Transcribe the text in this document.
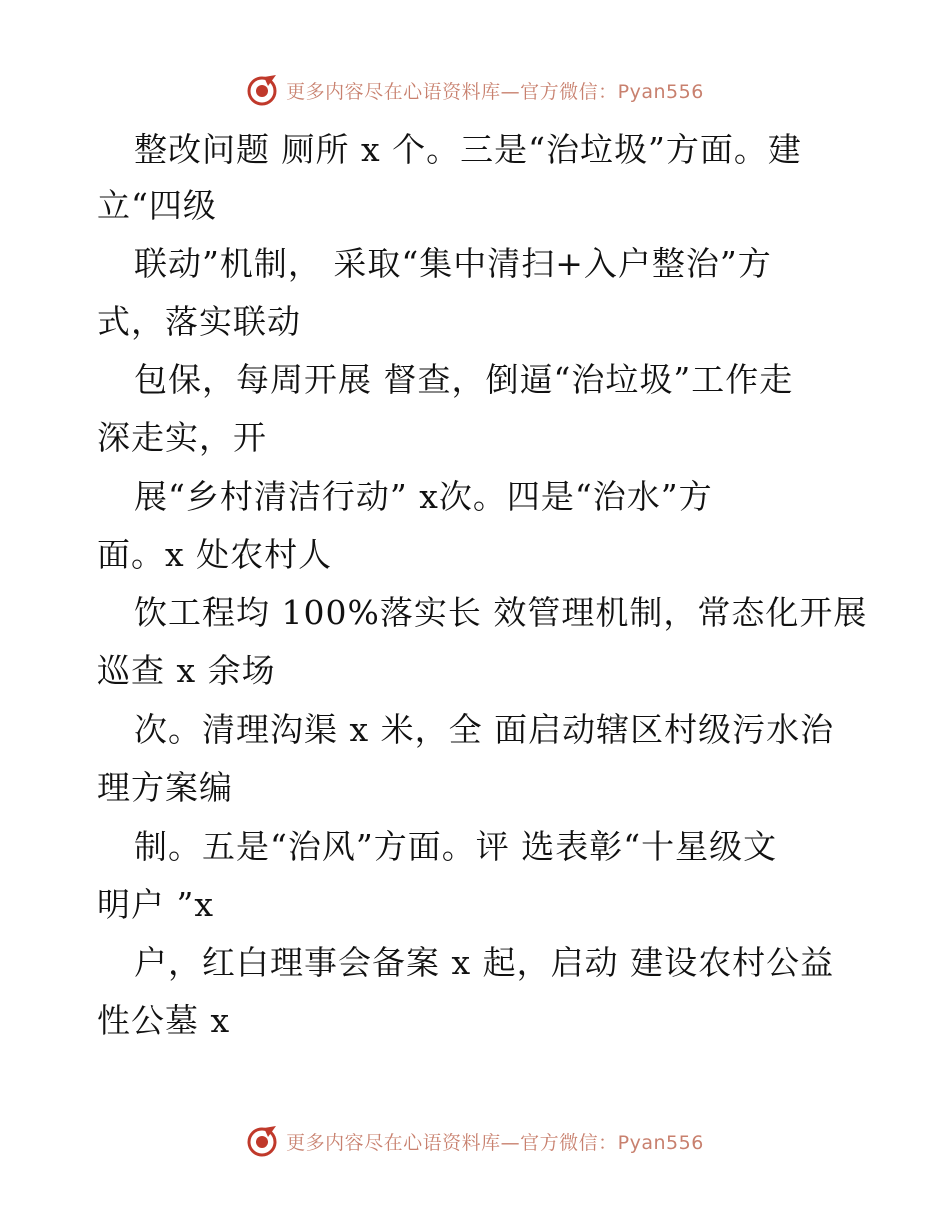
更多内容尽在心语资料库—官方微信：Pyan556
整改问题 厕所 x 个。三是“治垃圾”方面。建
立“四级
联动”机制， 采取“集中清扫+入户整治”方
式，落实联动
包保，每周开展 督查，倒逼“治垃圾”工作走
深走实，开
展“乡村清洁行动” x次。四是“治水”方
面。x 处农村人
饮工程均 100%落实长 效管理机制，常态化开展
巡查 x 余场
次。清理沟渠 x 米，全 面启动辖区村级污水治
理方案编
制。五是“治风”方面。评 选表彰“十星级文
明户 ”x
户，红白理事会备案 x 起，启动 建设农村公益
性公墓 x
更多内容尽在心语资料库—官方微信：Pyan556
